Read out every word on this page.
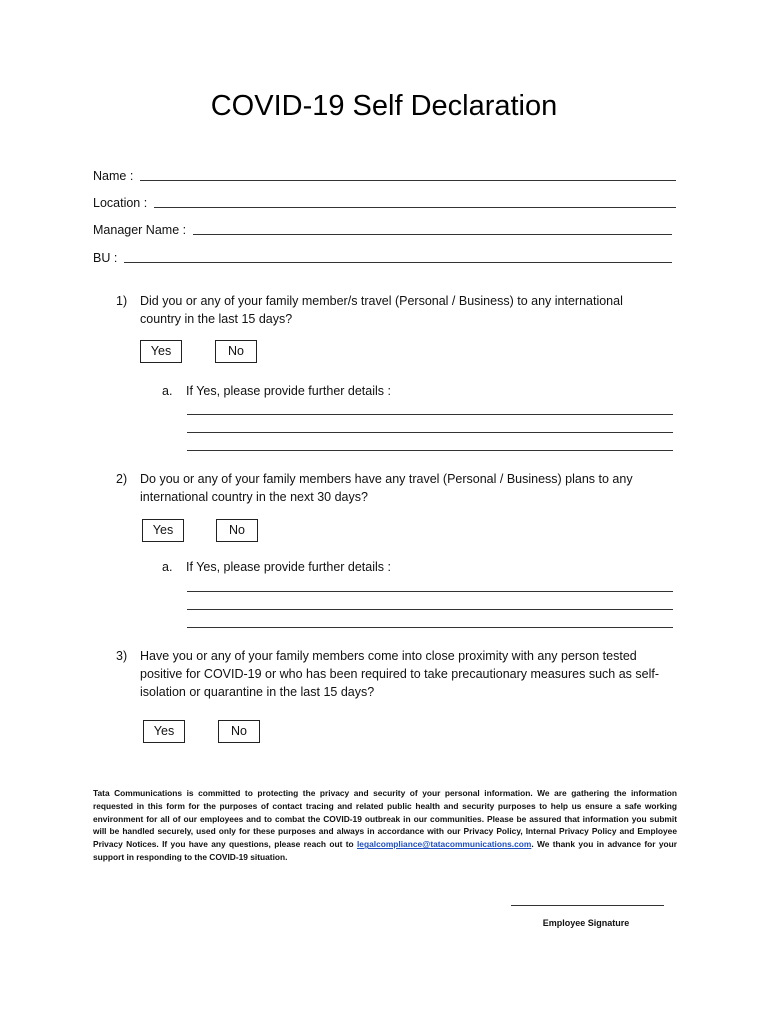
COVID-19 Self Declaration
Name :
Location :
Manager Name :
BU :
1) Did you or any of your family member/s travel (Personal / Business) to any international country in the last 15 days?
Yes	No
a. If Yes, please provide further details :
2) Do you or any of your family members have any travel (Personal / Business) plans to any international country in the next 30 days?
Yes	No
a. If Yes, please provide further details :
3) Have you or any of your family members come into close proximity with any person tested positive for COVID-19 or who has been required to take precautionary measures such as self-isolation or quarantine in the last 15 days?
Yes	No
Tata Communications is committed to protecting the privacy and security of your personal information. We are gathering the information requested in this form for the purposes of contact tracing and related public health and security purposes to help us ensure a safe working environment for all of our employees and to combat the COVID-19 outbreak in our communities. Please be assured that information you submit will be handled securely, used only for these purposes and always in accordance with our Privacy Policy, Internal Privacy Policy and Employee Privacy Notices. If you have any questions, please reach out to legalcompliance@tatacommunications.com. We thank you in advance for your support in responding to the COVID-19 situation.
Employee Signature
